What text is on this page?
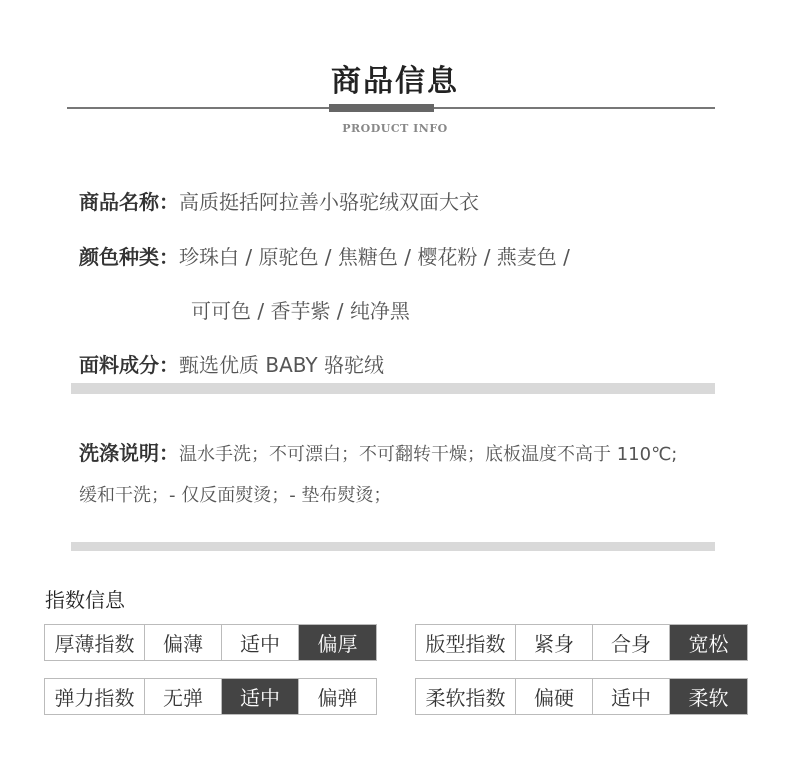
商品信息
PRODUCT INFO
商品名称：高质挺括阿拉善小骆驼绒双面大衣
颜色种类：珍珠白 / 原驼色 / 焦糖色 / 樱花粉 / 燕麦色 /
可可色 / 香芋紫 / 纯净黑
面料成分：甄选优质 BABY 骆驼绒
洗涤说明：温水手洗；不可漂白；不可翻转干燥；底板温度不高于 110℃;
缓和干洗；- 仅反面熨烫；- 垫布熨烫；
指数信息
厚薄指数	偏薄	适中	偏厚	版型指数	紧身	合身	宽松
弹力指数	无弹	适中	偏弹	柔软指数	偏硬	适中	柔软
